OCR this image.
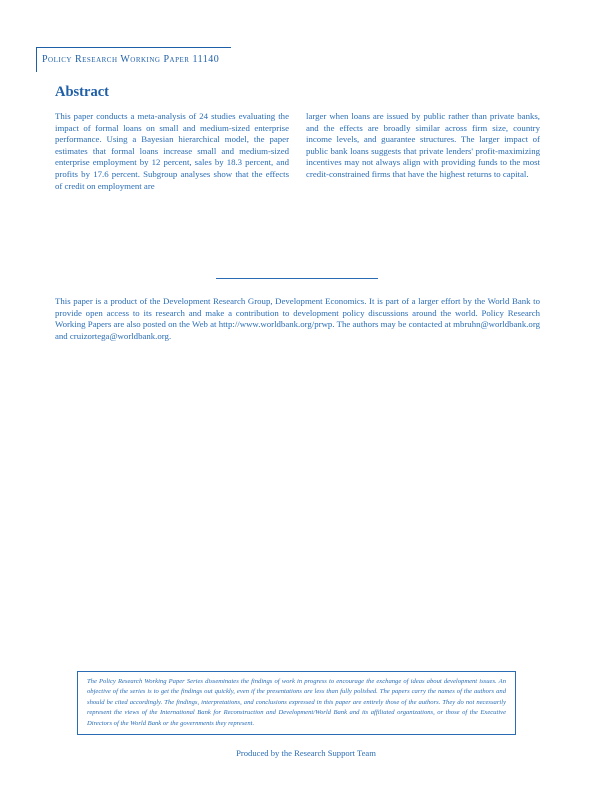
Policy Research Working Paper 11140
Abstract
This paper conducts a meta-analysis of 24 studies evaluating the impact of formal loans on small and medium-sized enterprise performance. Using a Bayesian hierarchical model, the paper estimates that formal loans increase small and medium-sized enterprise employment by 12 percent, sales by 18.3 percent, and profits by 17.6 percent. Subgroup analyses show that the effects of credit on employment are
larger when loans are issued by public rather than private banks, and the effects are broadly similar across firm size, country income levels, and guarantee structures. The larger impact of public bank loans suggests that private lenders' profit-maximizing incentives may not always align with providing funds to the most credit-constrained firms that have the highest returns to capital.
This paper is a product of the Development Research Group, Development Economics. It is part of a larger effort by the World Bank to provide open access to its research and make a contribution to development policy discussions around the world. Policy Research Working Papers are also posted on the Web at http://www.worldbank.org/prwp. The authors may be contacted at mbruhn@worldbank.org and cruizortega@worldbank.org.
The Policy Research Working Paper Series disseminates the findings of work in progress to encourage the exchange of ideas about development issues. An objective of the series is to get the findings out quickly, even if the presentations are less than fully polished. The papers carry the names of the authors and should be cited accordingly. The findings, interpretations, and conclusions expressed in this paper are entirely those of the authors. They do not necessarily represent the views of the International Bank for Reconstruction and Development/World Bank and its affiliated organizations, or those of the Executive Directors of the World Bank or the governments they represent.
Produced by the Research Support Team
